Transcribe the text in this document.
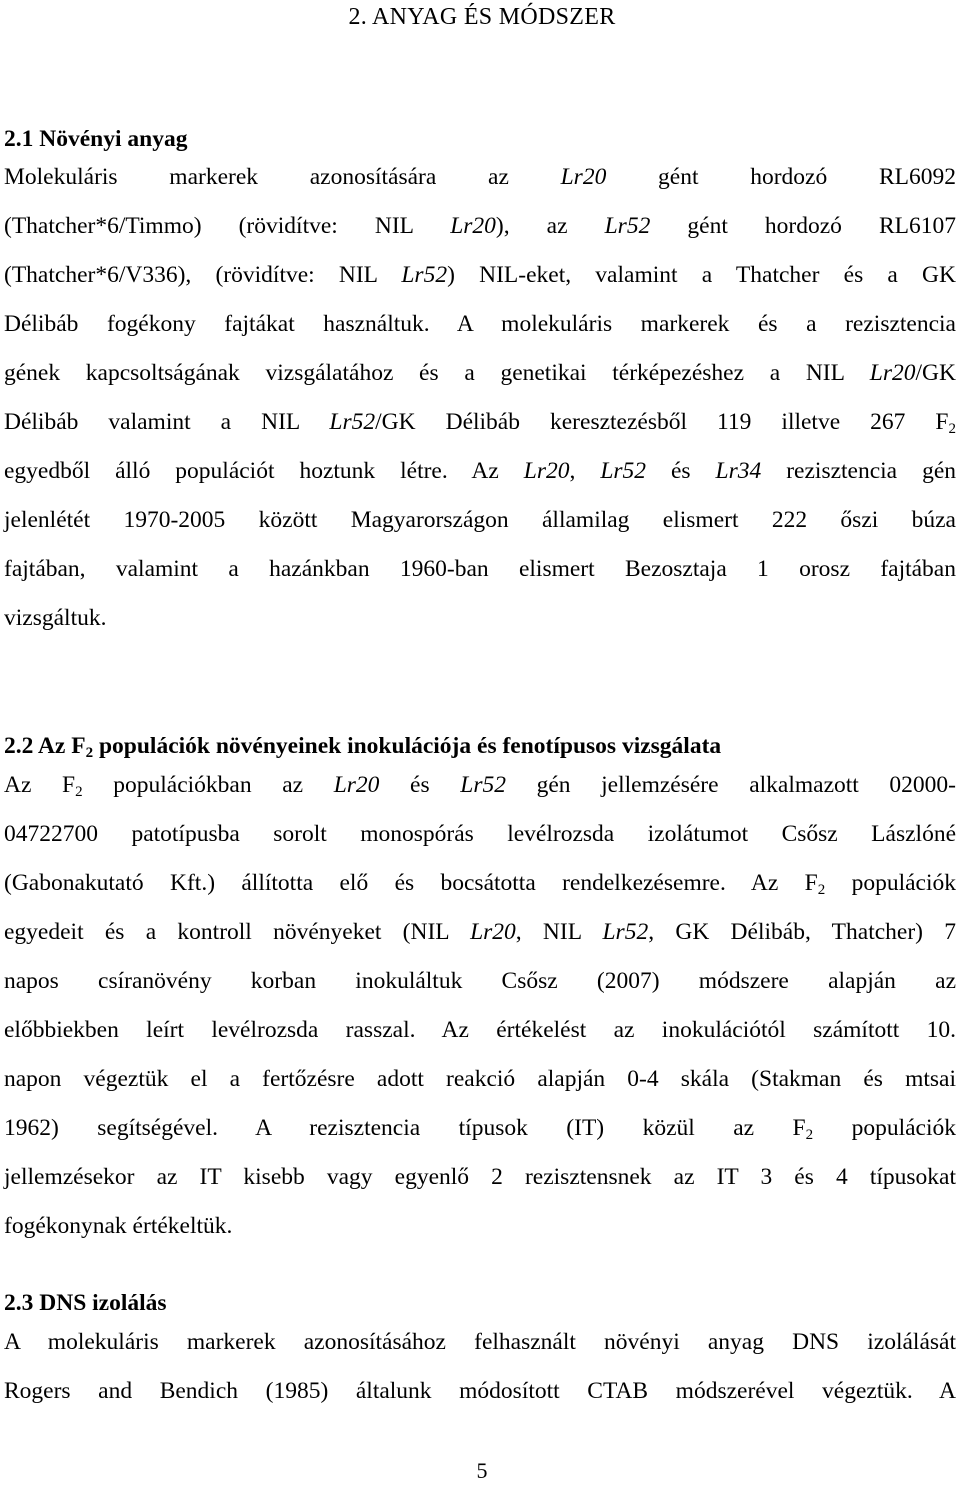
2. ANYAG ÉS MÓDSZER
2.1 Növényi anyag
Molekuláris markerek azonosítására az Lr20 gént hordozó RL6092
(Thatcher*6/Timmo) (rövidítve: NIL Lr20), az Lr52 gént hordozó RL6107
(Thatcher*6/V336), (rövidítve: NIL Lr52) NIL-eket, valamint a Thatcher és a GK
Délibáb fogékony fajtákat használtuk. A molekuláris markerek és a rezisztencia
gének kapcsoltságának vizsgálatához és a genetikai térképezéshez a NIL Lr20/GK
Délibáb valamint a NIL Lr52/GK Délibáb keresztezésből 119 illetve 267 $F_2$
egyedből álló populációt hoztunk létre. Az Lr20, Lr52 és Lr34 rezisztencia gén
jelenlétét 1970-2005 között Magyarországon államilag elismert 222 őszi búza
fajtában, valamint a hazánkban 1960-ban elismert Bezosztaja 1 orosz fajtában
vizsgáltuk.
2.2 Az $F_2$ populációk növényeinek inokulációja és fenotípusos vizsgálata
Az $F_2$ populációkban az Lr20 és Lr52 gén jellemzésére alkalmazott 02000-
04722700 patotípusba sorolt monospórás levélrozsda izolátumot Csősz Lászlóné
(Gabonakutató Kft.) állította elő és bocsátotta rendelkezésemre. Az $F_2$ populációk
egyedeit és a kontroll növényeket (NIL Lr20, NIL Lr52, GK Délibáb, Thatcher) 7
napos csíranövény korban inokuláltuk Csősz (2007) módszere alapján az
előbbiekben leírt levélrozsda rasszal. Az értékelést az inokulációtól számított 10.
napon végeztük el a fertőzésre adott reakció alapján 0-4 skála (Stakman és mtsai
1962) segítségével. A rezisztencia típusok (IT) közül az $F_2$ populációk
jellemzésekor az IT kisebb vagy egyenlő 2 rezisztensnek az IT 3 és 4 típusokat
fogékonynak értékeltük.
2.3 DNS izolálás
A molekuláris markerek azonosításához felhasznált növényi anyag DNS izolálását
Rogers and Bendich (1985) általunk módosított CTAB módszerével végeztük. A
5
